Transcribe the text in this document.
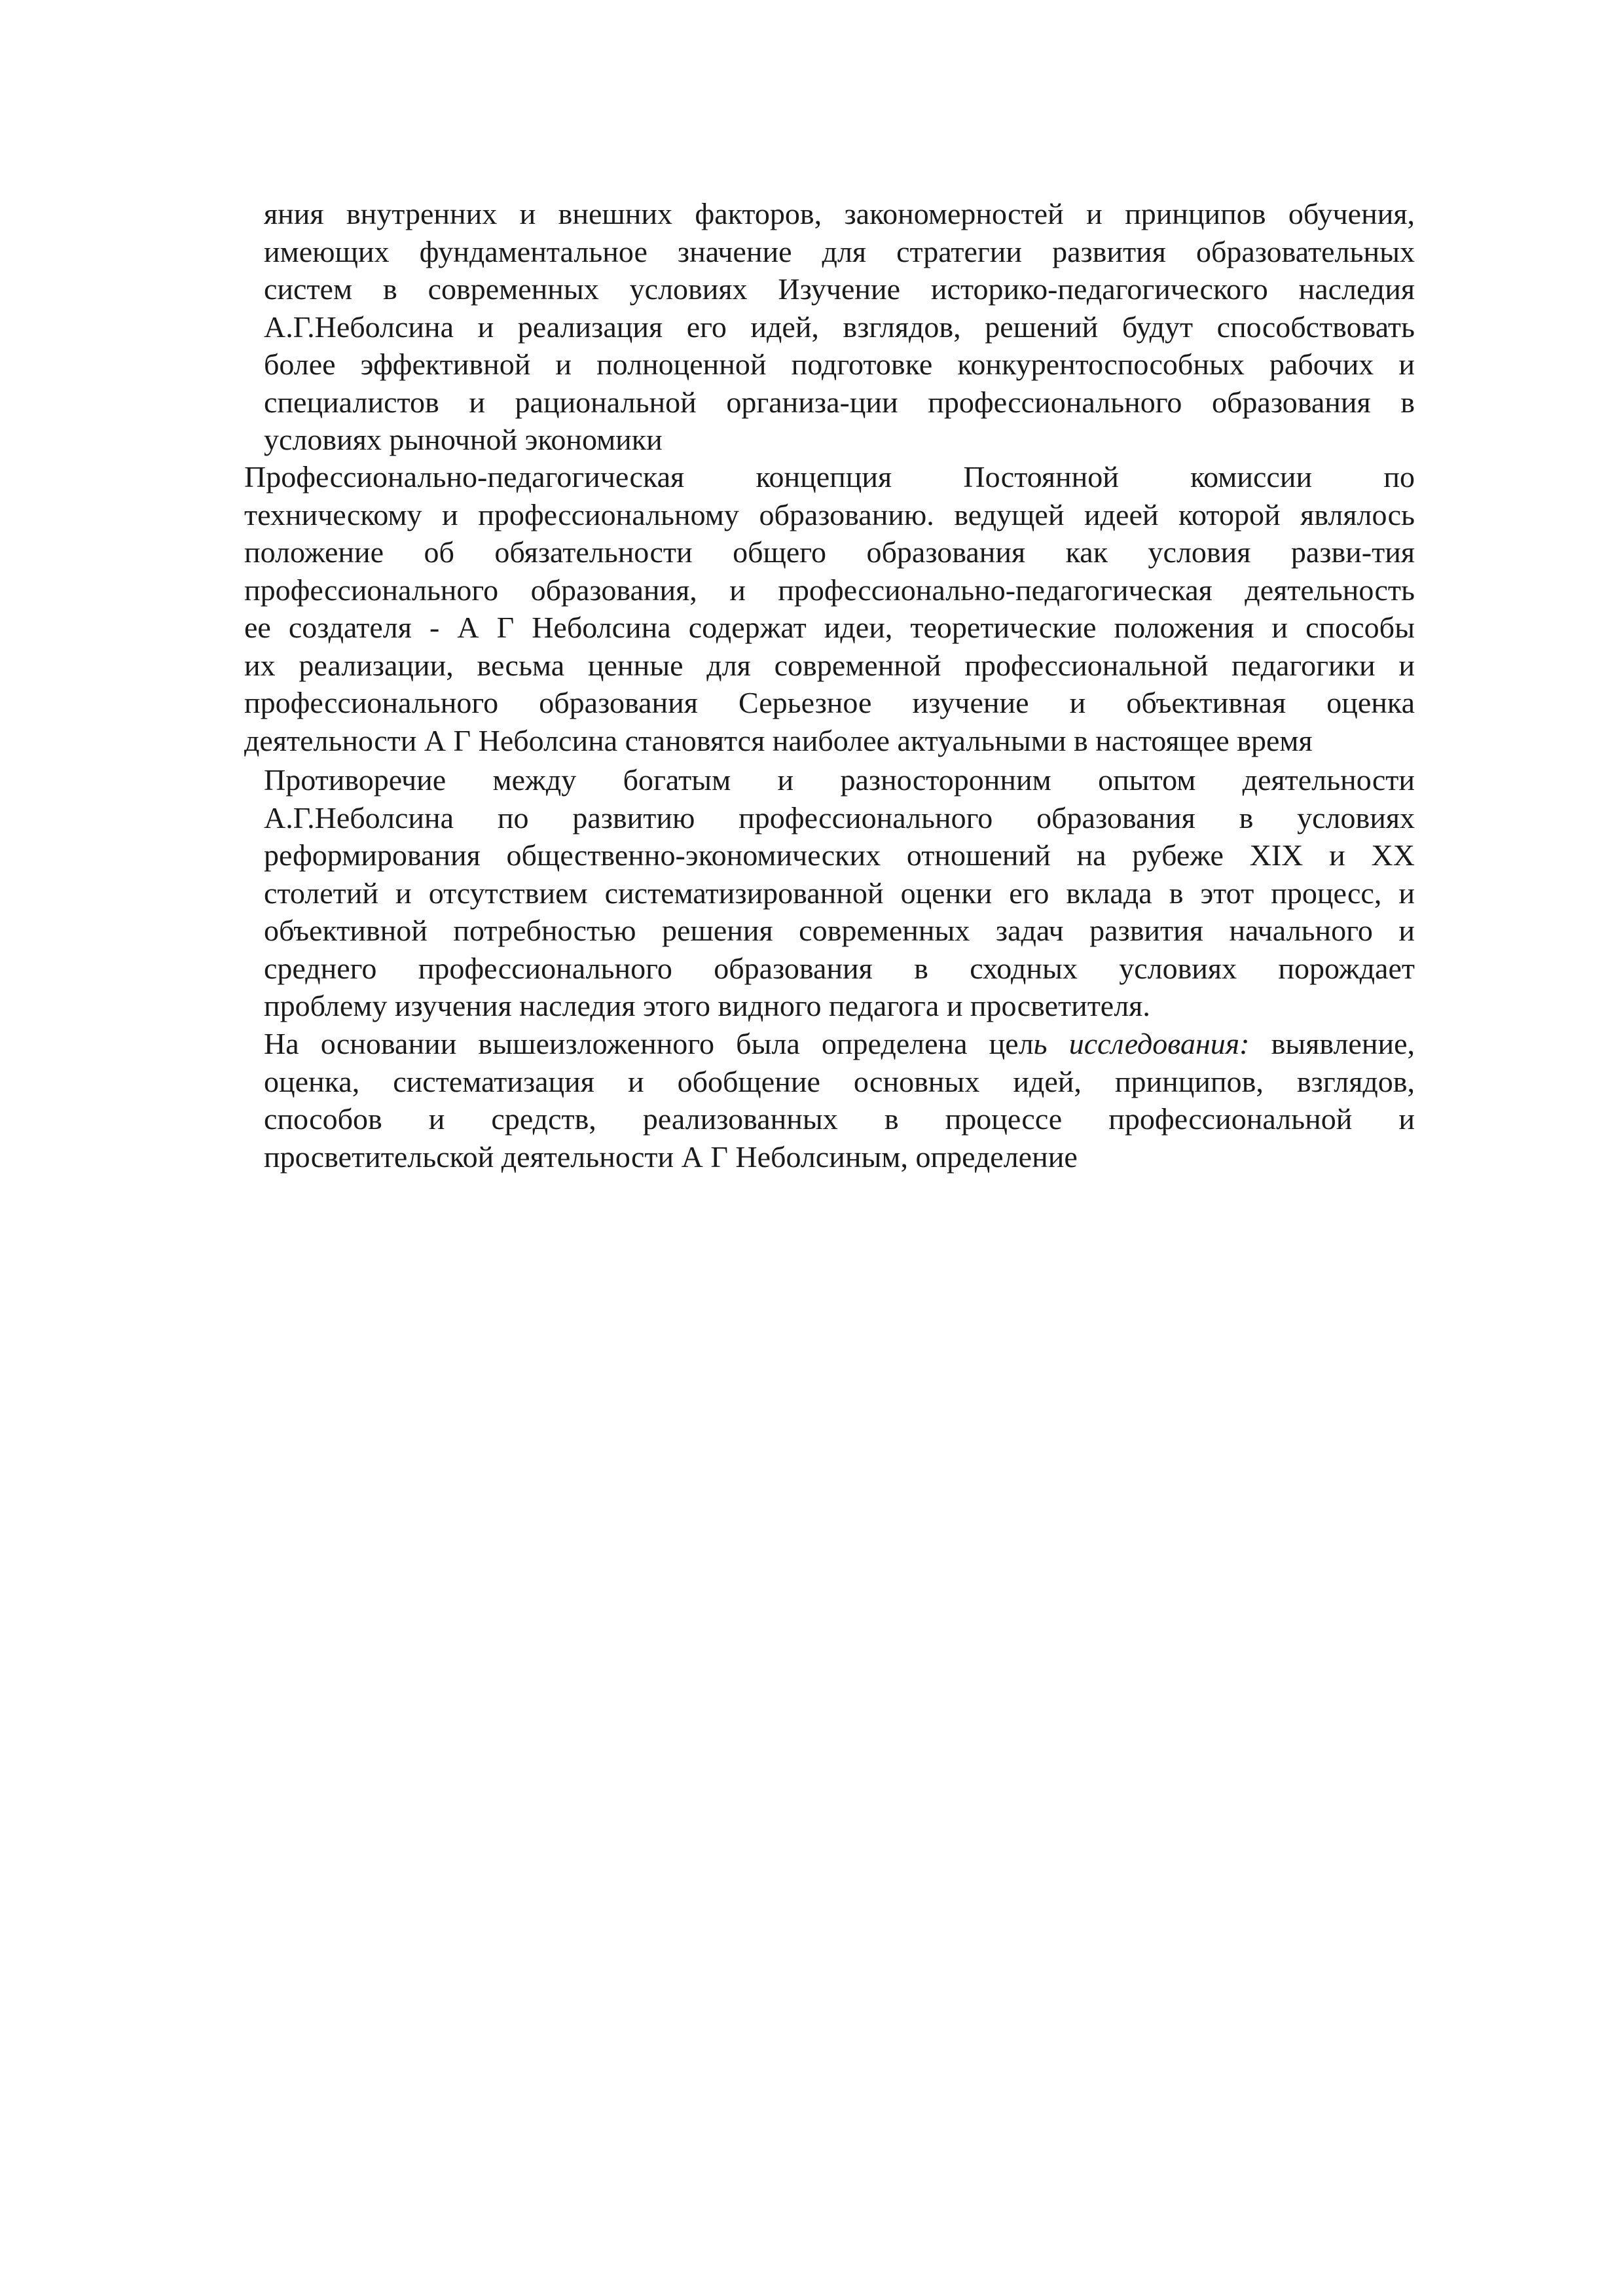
яния внутренних и внешних факторов, закономерностей и принципов обучения,
имеющих фундаментальное значение для стратегии развития образовательных
систем в современных условиях Изучение историко-педагогического наследия
А.Г.Неболсина и реализация его идей, взглядов, решений будут способствовать
более эффективной и полноценной подготовке конкурентоспособных рабочих и
специалистов и рациональной организа-ции профессионального образования в
условиях рыночной экономики

Профессионально-педагогическая концепция Постоянной комиссии по
техническому и профессиональному образованию. ведущей идеей которой являлось
положение об обязательности общего образования как условия разви-тия
профессионального образования, и профессионально-педагогическая деятельность
ее создателя - А Г Неболсина содержат идеи, теоретические положения и способы
их реализации, весьма ценные для современной профессиональной педагогики и
профессионального образования Серьезное изучение и объективная оценка
деятельности А Г Неболсина становятся наиболее актуальными в настоящее время

Противоречие между богатым и разносторонним опытом деятельности
А.Г.Неболсина по развитию профессионального образования в условиях
реформирования общественно-экономических отношений на рубеже XIX и XX
столетий и отсутствием систематизированной оценки его вклада в этот процесс, и
объективной потребностью решения современных задач развития начального и
среднего профессионального образования в сходных условиях порождает
проблему изучения наследия этого видного педагога и просветителя.

На основании вышеизложенного была определена цель исследования: выявление,
оценка, систематизация и обобщение основных идей, принципов, взглядов,
способов и средств, реализованных в процессе профессиональной и
просветительской деятельности А Г Неболсиным, определение
